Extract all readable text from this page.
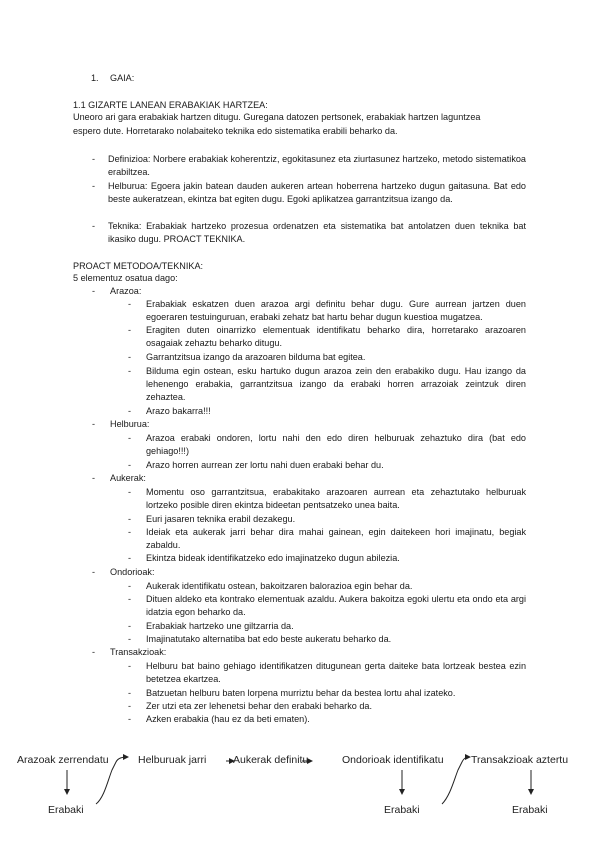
1. GAIA:
1.1 GIZARTE LANEAN ERABAKIAK HARTZEA:
Uneoro ari gara erabakiak hartzen ditugu. Guregana datozen pertsonek, erabakiak hartzen laguntzea
espero dute. Horretarako nolabaiteko teknika edo sistematika erabili beharko da.
- Definizioa: Norbere erabakiak koherentziz, egokitasunez eta ziurtasunez hartzeko, metodo sistematikoa erabiltzea.
- Helburua: Egoera jakin batean dauden aukeren artean hoberrena hartzeko dugun gaitasuna. Bat edo beste aukeratzean, ekintza bat egiten dugu. Egoki aplikatzea garrantzitsua izango da.
- Teknika: Erabakiak hartzeko prozesua ordenatzen eta sistematika bat antolatzen duen teknika bat ikasiko dugu. PROACT TEKNIKA.
PROACT METODOA/TEKNIKA:
5 elementuz osatua dago:
- Arazoa:
- Erabakiak eskatzen duen arazoa argi definitu behar dugu. Gure aurrean jartzen duen egoeraren testuinguruan, erabaki zehatz bat hartu behar dugun kuestioa mugatzea.
- Eragiten duten oinarrizko elementuak identifikatu beharko dira, horretarako arazoaren osagaiak zehaztu beharko ditugu.
- Garrantzitsua izango da arazoaren bilduma bat egitea.
- Bilduma egin ostean, esku hartuko dugun arazoa zein den erabakiko dugu. Hau izango da lehenengo erabakia, garrantzitsua izango da erabaki horren arrazoiak zeintzuk diren zehaztea.
- Arazo bakarra!!!
- Helburua:
- Arazoa erabaki ondoren, lortu nahi den edo diren helburuak zehaztuko dira (bat edo gehiago!!!)
- Arazo horren aurrean zer lortu nahi duen erabaki behar du.
- Aukerak:
- Momentu oso garrantzitsua, erabakitako arazoaren aurrean eta zehaztutako helburuak lortzeko posible diren ekintza bideetan pentsatzeko unea baita.
- Euri jasaren teknika erabil dezakegu.
- Ideiak eta aukerak jarri behar dira mahai gainean, egin daitekeen hori imajinatu, begiak zabaldu.
- Ekintza bideak identifikatzeko edo imajinatzeko dugun abilezia.
- Ondorioak:
- Aukerak identifikatu ostean, bakoitzaren balorazioa egin behar da.
- Dituen aldeko eta kontrako elementuak azaldu. Aukera bakoitza egoki ulertu eta ondo eta argi idatzia egon beharko da.
- Erabakiak hartzeko une giltzarria da.
- Imajinatutako alternatiba bat edo beste aukeratu beharko da.
- Transakzioak:
- Helburu bat baino gehiago identifikatzen ditugunean gerta daiteke bata lortzeak bestea ezin betetzea ekartzea.
- Batzuetan helburu baten lorpena murriztu behar da bestea lortu ahal izateko.
- Zer utzi eta zer lehenetsi behar den erabaki beharko da.
- Azken erabakia (hau ez da beti ematen).
Arazoak zerrendatu	Helburuak jarri	Aukerak definitu	Ondorioak identifikatu	Transakzioak aztertu
Erabaki	Erabaki	Erabaki
